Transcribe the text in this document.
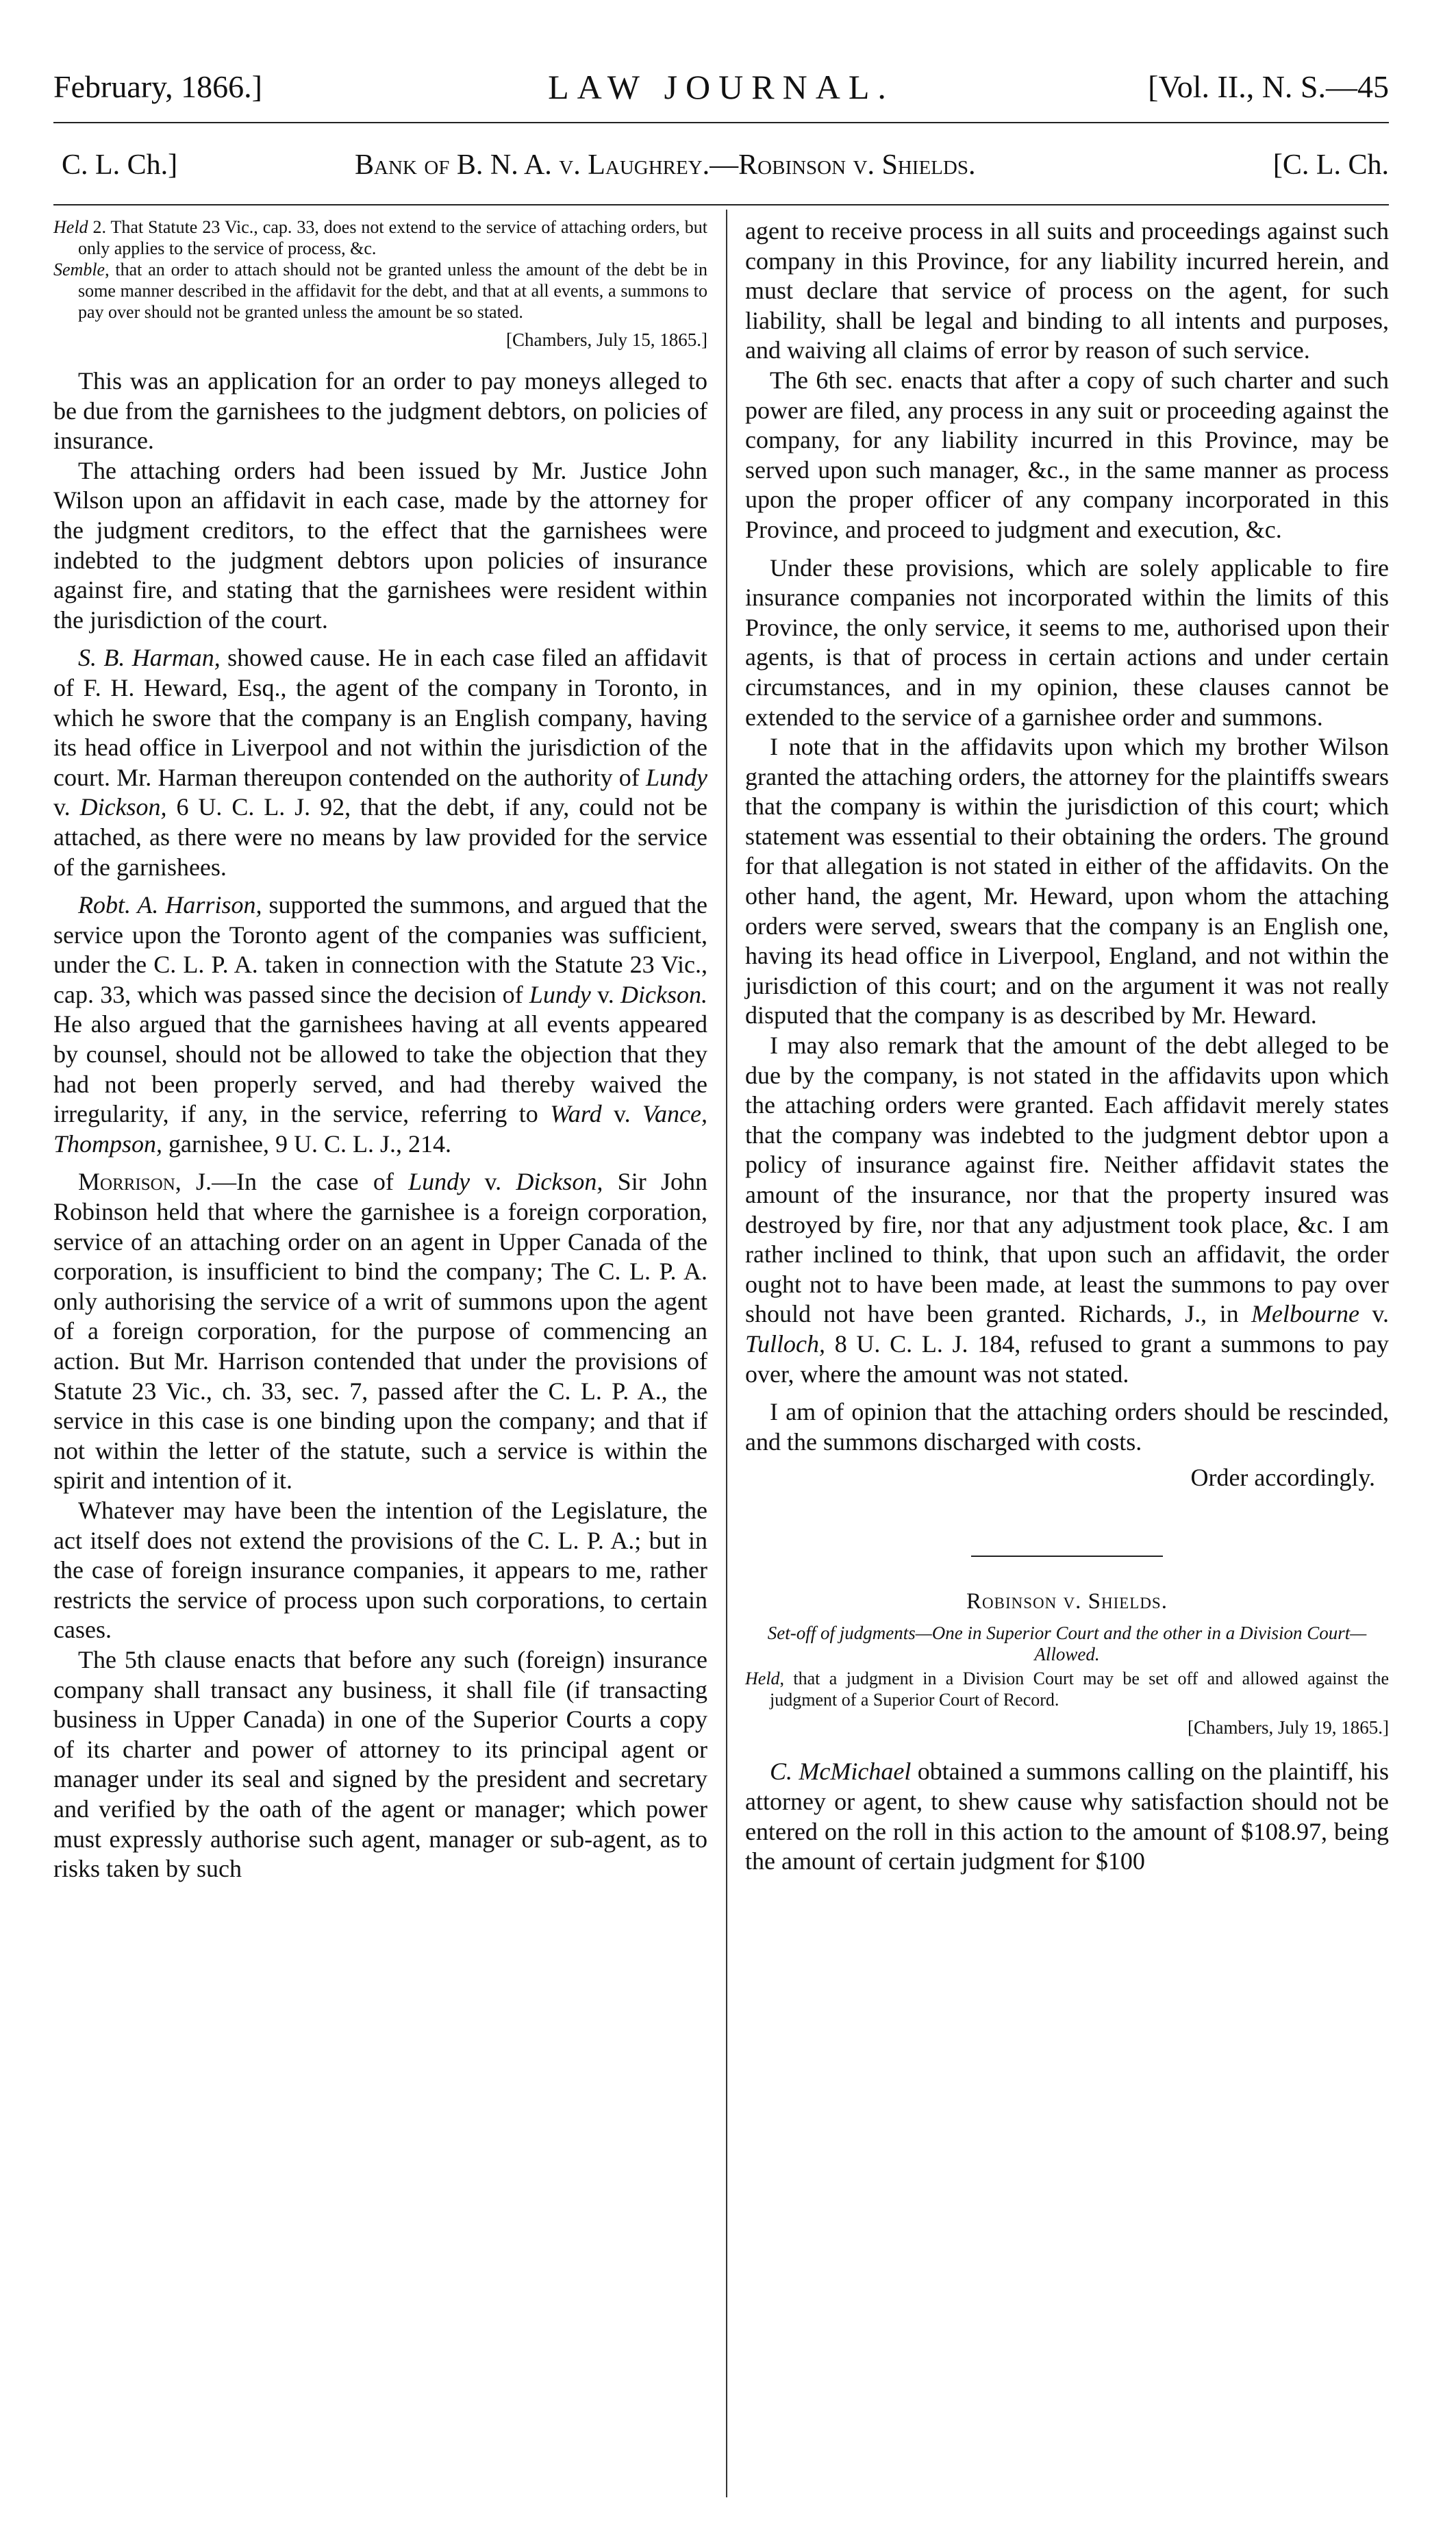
February, 1866.]	LAW JOURNAL.	[Vol. II., N. S.—45
C. L. Ch.]	Bank of B. N. A. v. Laughrey.—Robinson v. Shields.	[C. L. Ch.
Held 2. That Statute 23 Vic., cap. 33, does not extend to the service of attaching orders, but only applies to the service of process, &c.
Semble, that an order to attach should not be granted unless the amount of the debt be in some manner described in the affidavit for the debt, and that at all events, a summons to pay over should not be granted unless the amount be so stated.
[Chambers, July 15, 1865.]

This was an application for an order to pay moneys alleged to be due from the garnishees to the judgment debtors, on policies of insurance.

The attaching orders had been issued by Mr. Justice John Wilson upon an affidavit in each case, made by the attorney for the judgment creditors, to the effect that the garnishees were indebted to the judgment debtors upon policies of insurance against fire, and stating that the garnishees were resident within the jurisdiction of the court.

S. B. Harman, showed cause. He in each case filed an affidavit of F. H. Heward, Esq., the agent of the company in Toronto, in which he swore that the company is an English company, having its head office in Liverpool and not within the jurisdiction of the court. Mr. Harman thereupon contended on the authority of Lundy v. Dickson, 6 U. C. L. J. 92, that the debt, if any, could not be attached, as there were no means by law provided for the service of the garnishees.

Robt. A. Harrison, supported the summons, and argued that the service upon the Toronto agent of the companies was sufficient, under the C. L. P. A. taken in connection with the Statute 23 Vic., cap. 33, which was passed since the decision of Lundy v. Dickson. He also argued that the garnishees having at all events appeared by counsel, should not be allowed to take the objection that they had not been properly served, and had thereby waived the irregularity, if any, in the service, referring to Ward v. Vance, Thompson, garnishee, 9 U. C. L. J., 214.

Morrison, J.—In the case of Lundy v. Dickson, Sir John Robinson held that where the garnishee is a foreign corporation, service of an attaching order on an agent in Upper Canada of the corporation, is insufficient to bind the company; The C. L. P. A. only authorising the service of a writ of summons upon the agent of a foreign corporation, for the purpose of commencing an action. But Mr. Harrison contended that under the provisions of Statute 23 Vic., ch. 33, sec. 7, passed after the C. L. P. A., the service in this case is one binding upon the company; and that if not within the letter of the statute, such a service is within the spirit and intention of it.

Whatever may have been the intention of the Legislature, the act itself does not extend the provisions of the C. L. P. A.; but in the case of foreign insurance companies, it appears to me, rather restricts the service of process upon such corporations, to certain cases.

The 5th clause enacts that before any such (foreign) insurance company shall transact any business, it shall file (if transacting business in Upper Canada) in one of the Superior Courts a copy of its charter and power of attorney to its principal agent or manager under its seal and signed by the president and secretary and verified by the oath of the agent or manager; which power must expressly authorise such agent, manager or sub-agent, as to risks taken by such

agent to receive process in all suits and proceedings against such company in this Province, for any liability incurred herein, and must declare that service of process on the agent, for such liability, shall be legal and binding to all intents and purposes, and waiving all claims of error by reason of such service.

The 6th sec. enacts that after a copy of such charter and such power are filed, any process in any suit or proceeding against the company, for any liability incurred in this Province, may be served upon such manager, &c., in the same manner as process upon the proper officer of any company incorporated in this Province, and proceed to judgment and execution, &c.

Under these provisions, which are solely applicable to fire insurance companies not incorporated within the limits of this Province, the only service, it seems to me, authorised upon their agents, is that of process in certain actions and under certain circumstances, and in my opinion, these clauses cannot be extended to the service of a garnishee order and summons.

I note that in the affidavits upon which my brother Wilson granted the attaching orders, the attorney for the plaintiffs swears that the company is within the jurisdiction of this court; which statement was essential to their obtaining the orders. The ground for that allegation is not stated in either of the affidavits. On the other hand, the agent, Mr. Heward, upon whom the attaching orders were served, swears that the company is an English one, having its head office in Liverpool, England, and not within the jurisdiction of this court; and on the argument it was not really disputed that the company is as described by Mr. Heward.

I may also remark that the amount of the debt alleged to be due by the company, is not stated in the affidavits upon which the attaching orders were granted. Each affidavit merely states that the company was indebted to the judgment debtor upon a policy of insurance against fire. Neither affidavit states the amount of the insurance, nor that the property insured was destroyed by fire, nor that any adjustment took place, &c. I am rather inclined to think, that upon such an affidavit, the order ought not to have been made, at least the summons to pay over should not have been granted. Richards, J., in Melbourne v. Tulloch, 8 U. C. L. J. 184, refused to grant a summons to pay over, where the amount was not stated.

I am of opinion that the attaching orders should be rescinded, and the summons discharged with costs.

Order accordingly.
Robinson v. Shields.
Set-off of judgments—One in Superior Court and the other in a Division Court—Allowed.
Held, that a judgment in a Division Court may be set off and allowed against the judgment of a Superior Court of Record.
[Chambers, July 19, 1865.]

C. McMichael obtained a summons calling on the plaintiff, his attorney or agent, to shew cause why satisfaction should not be entered on the roll in this action to the amount of $108.97, being the amount of certain judgment for $100
